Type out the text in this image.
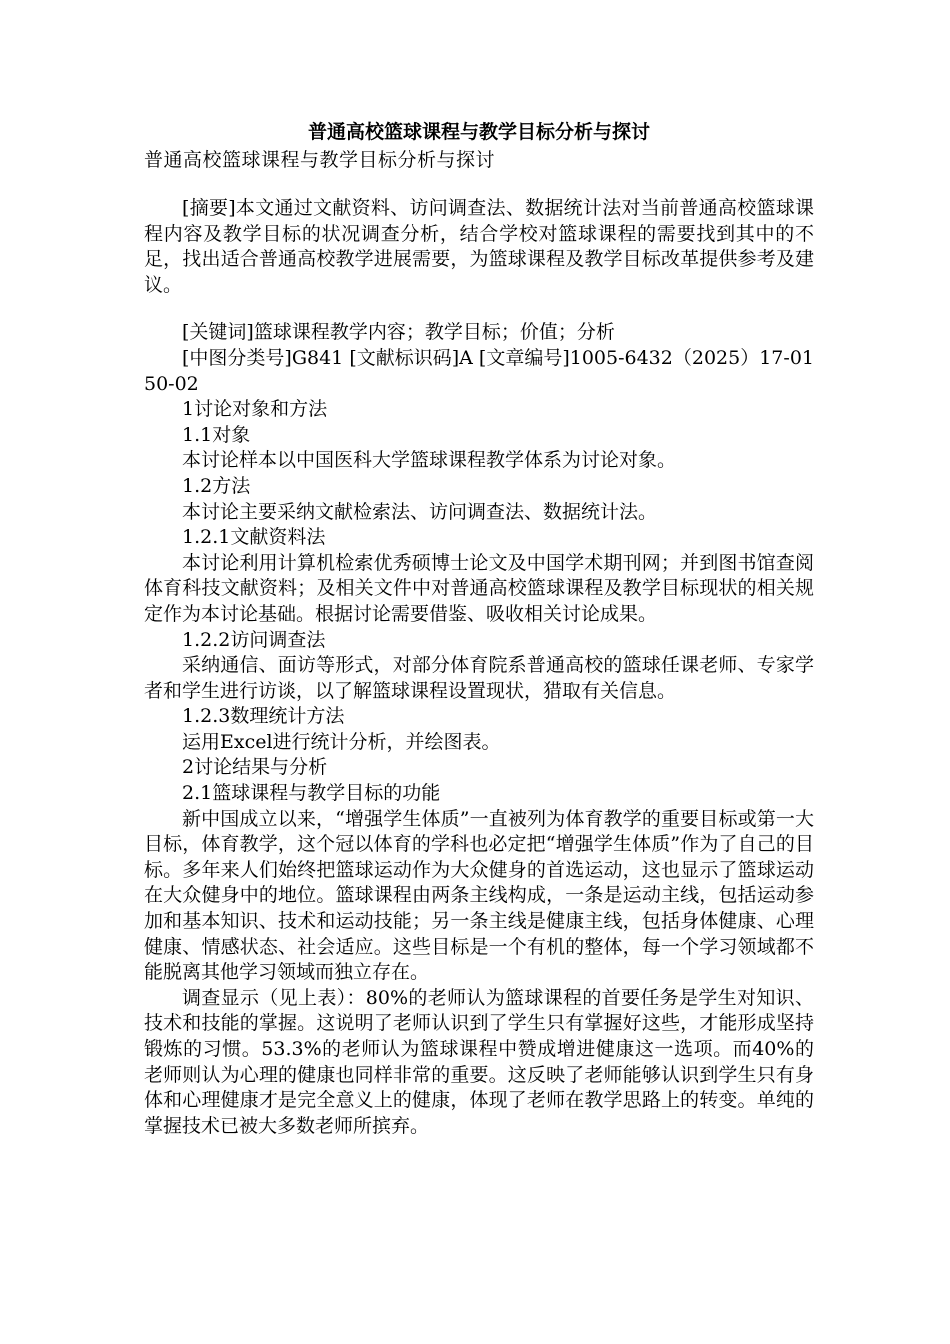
普通高校篮球课程与教学目标分析与探讨

普通高校篮球课程与教学目标分析与探讨

[摘要]本文通过文献资料、访问调查法、数据统计法对当前普通高校篮球课程内容及教学目标的状况调查分析，结合学校对篮球课程的需要找到其中的不足，找出适合普通高校教学进展需要，为篮球课程及教学目标改革提供参考及建议。

[关键词]篮球课程教学内容；教学目标；价值；分析

[中图分类号]G841 [文献标识码]A [文章编号]1005-6432（2025）17-0150-02

1讨论对象和方法

1.1对象

本讨论样本以中国医科大学篮球课程教学体系为讨论对象。

1.2方法

本讨论主要采纳文献检索法、访问调查法、数据统计法。

1.2.1文献资料法

本讨论利用计算机检索优秀硕博士论文及中国学术期刊网；并到图书馆查阅体育科技文献资料；及相关文件中对普通高校篮球课程及教学目标现状的相关规定作为本讨论基础。根据讨论需要借鉴、吸收相关讨论成果。

1.2.2访问调查法

采纳通信、面访等形式，对部分体育院系普通高校的篮球任课老师、专家学者和学生进行访谈，以了解篮球课程设置现状，猎取有关信息。

1.2.3数理统计方法

运用Excel进行统计分析，并绘图表。

2讨论结果与分析

2.1篮球课程与教学目标的功能

新中国成立以来，“增强学生体质”一直被列为体育教学的重要目标或第一大目标，体育教学，这个冠以体育的学科也必定把“增强学生体质”作为了自己的目标。多年来人们始终把篮球运动作为大众健身的首选运动，这也显示了篮球运动在大众健身中的地位。篮球课程由两条主线构成，一条是运动主线，包括运动参加和基本知识、技术和运动技能；另一条主线是健康主线，包括身体健康、心理健康、情感状态、社会适应。这些目标是一个有机的整体，每一个学习领域都不能脱离其他学习领域而独立存在。

调查显示（见上表）：80%的老师认为篮球课程的首要任务是学生对知识、技术和技能的掌握。这说明了老师认识到了学生只有掌握好这些，才能形成坚持锻炼的习惯。53.3%的老师认为篮球课程中赞成增进健康这一选项。而40%的老师则认为心理的健康也同样非常的重要。这反映了老师能够认识到学生只有身体和心理健康才是完全意义上的健康，体现了老师在教学思路上的转变。单纯的掌握技术已被大多数老师所摈弃。
